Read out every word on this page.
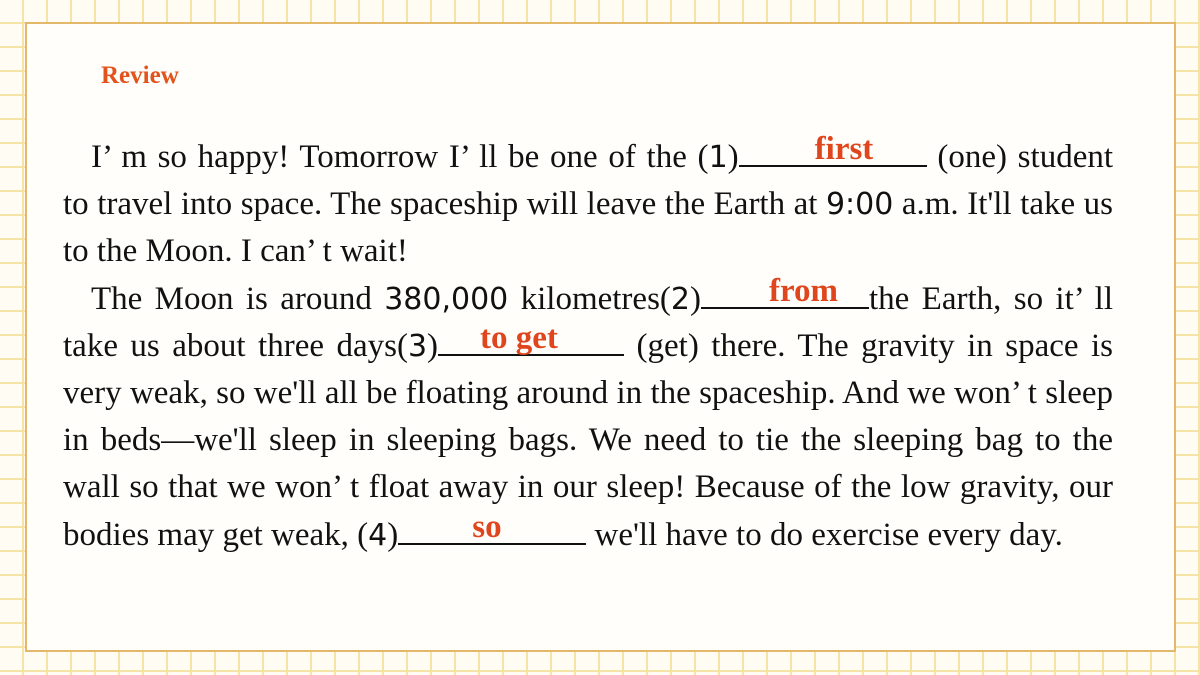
Review

I’ m so happy! Tomorrow I’ ll be one of the (1)	first (one) student to travel into space. The spaceship will leave the Earth at 9:00 a.m. It'll take us to the Moon. I can’ t wait!

The Moon is around 380,000 kilometres(2)	from the Earth, so it’ ll take us about three days(3)	to get (get) there. The gravity in space is very weak, so we'll all be floating around in the spaceship. And we won’ t sleep in beds—we'll sleep in sleeping bags. We need to tie the sleeping bag to the wall so that we won’ t float away in our sleep! Because of the low gravity, our bodies may get weak, (4)	so	we'll have to do exercise every day.
